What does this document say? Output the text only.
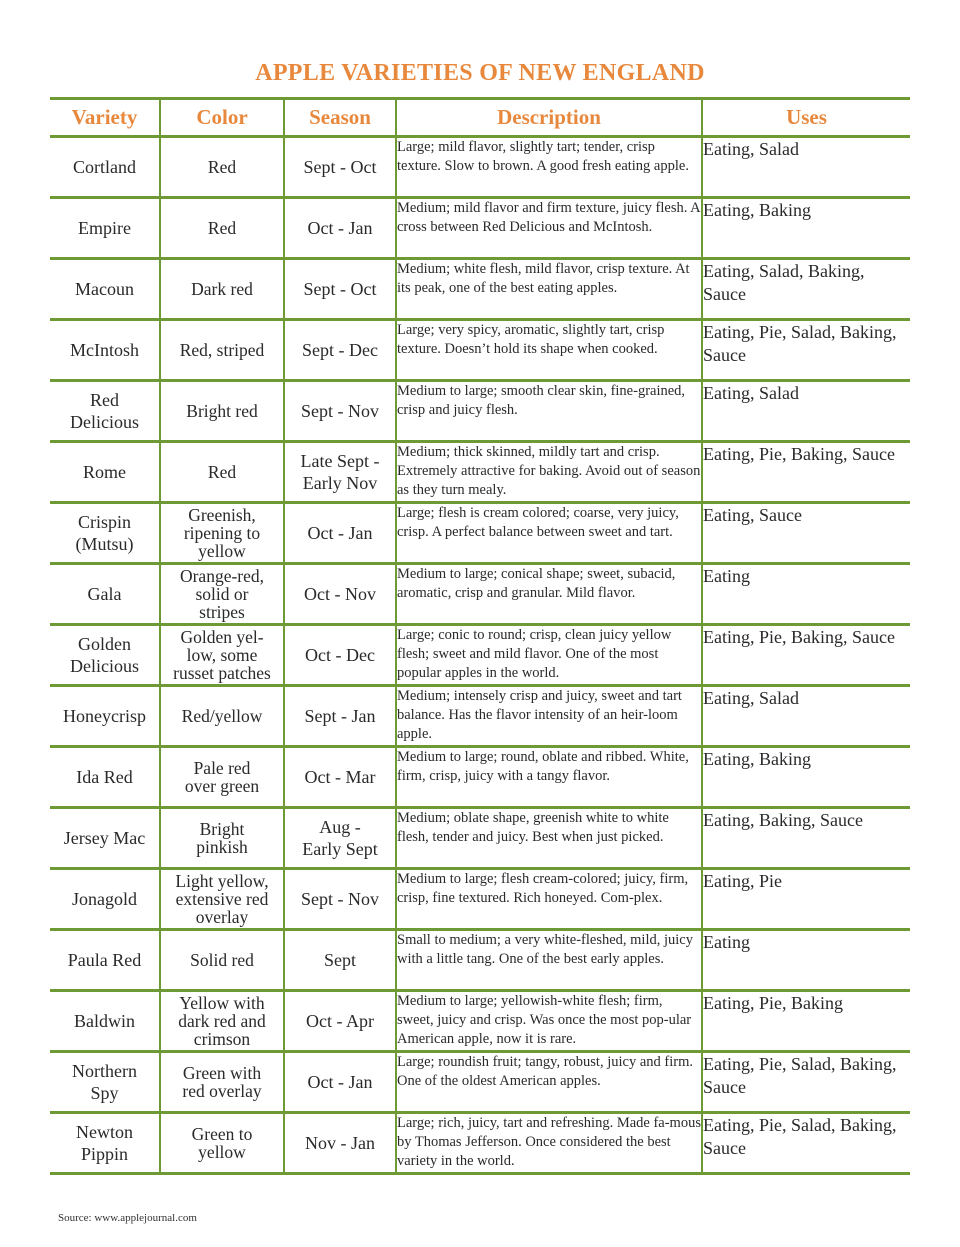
APPLE VARIETIES OF NEW ENGLAND
Variety	Color	Season	Description	Uses

Cortland	Red	Sept - Oct	Large; mild flavor, slightly tart; tender, crisp texture. Slow to brown. A good fresh eating apple.	Eating, Salad

Empire	Red	Oct - Jan	Medium; mild flavor and firm texture, juicy flesh. A cross between Red Delicious and McIntosh.	Eating, Baking

Macoun	Dark red	Sept - Oct	Medium; white flesh, mild flavor, crisp texture. At its peak, one of the best eating apples.	Eating, Salad, Baking, Sauce

McIntosh	Red, striped	Sept - Dec	Large; very spicy, aromatic, slightly tart, crisp texture. Doesn’t hold its shape when cooked.	Eating, Pie, Salad, Baking, Sauce

Red
Delicious	Bright red	Sept - Nov	Medium to large; smooth clear skin, fine-grained, crisp and juicy flesh.	Eating, Salad

Rome	Red	Late Sept -
Early Nov	Medium; thick skinned, mildly tart and crisp. Extremely attractive for baking. Avoid out of season as they turn mealy.	Eating, Pie, Baking, Sauce

Crispin
(Mutsu)	Greenish,
ripening to
yellow	Oct - Jan	Large; flesh is cream colored; coarse, very juicy, crisp. A perfect balance between sweet and tart.	Eating, Sauce

Gala	Orange-red,
solid or
stripes	Oct - Nov	Medium to large; conical shape; sweet, subacid, aromatic, crisp and granular. Mild flavor.	Eating

Golden
Delicious	Golden yel-
low, some
russet patches	Oct - Dec	Large; conic to round; crisp, clean juicy yellow flesh; sweet and mild flavor. One of the most popular apples in the world.	Eating, Pie, Baking, Sauce

Honeycrisp	Red/yellow	Sept - Jan	Medium; intensely crisp and juicy, sweet and tart balance. Has the flavor intensity of an heir-loom apple.	Eating, Salad

Ida Red	Pale red
over green	Oct - Mar	Medium to large; round, oblate and ribbed. White, firm, crisp, juicy with a tangy flavor.	Eating, Baking

Jersey Mac	Bright
pinkish	Aug -
Early Sept	Medium; oblate shape, greenish white to white flesh, tender and juicy. Best when just picked.	Eating, Baking, Sauce

Jonagold	Light yellow,
extensive red
overlay	Sept - Nov	Medium to large; flesh cream-colored; juicy, firm, crisp, fine textured. Rich honeyed. Com-plex.	Eating, Pie

Paula Red	Solid red	Sept	Small to medium; a very white-fleshed, mild, juicy with a little tang. One of the best early apples.	Eating

Baldwin	Yellow with
dark red and
crimson	Oct - Apr	Medium to large; yellowish-white flesh; firm, sweet, juicy and crisp. Was once the most pop-ular American apple, now it is rare.	Eating, Pie, Baking

Northern
Spy	Green with
red overlay	Oct - Jan	Large; roundish fruit; tangy, robust, juicy and firm. One of the oldest American apples.	Eating, Pie, Salad, Baking, Sauce

Newton
Pippin	Green to
yellow	Nov - Jan	Large; rich, juicy, tart and refreshing. Made fa-mous by Thomas Jefferson. Once considered the best variety in the world.	Eating, Pie, Salad, Baking, Sauce
Source: www.applejournal.com
